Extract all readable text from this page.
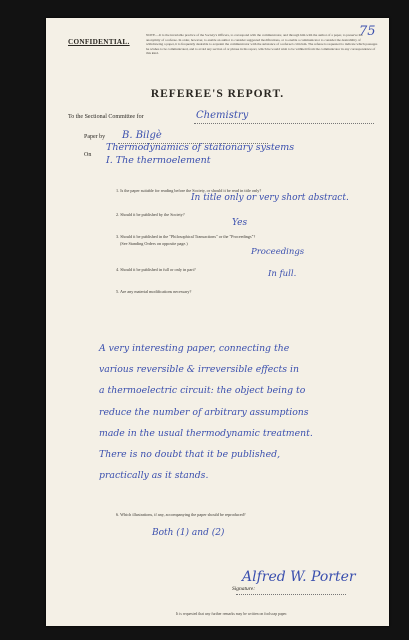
75
CONFIDENTIAL.
NOTE.—It is the invariable practice of the Society's Officers, to correspond with the communicator, and through him with the author of a paper, to preserve the anonymity of a referee. In order, however, to enable an author to consider suggested modifications, or to enable a communicator to consider the desirability of withdrawing a paper, it is frequently desirable to acquaint the communicator with the substance of a referee's criticism. The referee is requested to indicate which passages he wishes to be communicated, and to avoid any section of or phrase in his report, which he would wish to be withheld from the communicator in any correspondence of this kind.
REFEREE'S REPORT.
To the Sectional Committee for	Chemistry
Paper by B. Bilgè
On
Thermodynamics of stationary systems
I. The thermoelement
1. Is the paper suitable for reading before the Society, or should it be read in title only?
In title only or very short abstract.
2. Should it be published by the Society?
Yes
3. Should it be published in the "Philosophical Transactions" or the "Proceedings"?
(See Standing Orders on opposite page.)
Proceedings
4. Should it be published in full or only in part?	In full.
5. Are any material modifications necessary?
A very interesting paper, connecting the
various reversible & irreversible effects in
a thermoelectric circuit: the object being to
reduce the number of arbitrary assumptions
made in the usual thermodynamic treatment.
There is no doubt that it be published,
practically as it stands.
6. Which illustrations, if any, accompanying the paper should be reproduced?
Both (1) and (2)
Signature:
Alfred W. Porter
It is requested that any further remarks may be written on foolscap paper.
